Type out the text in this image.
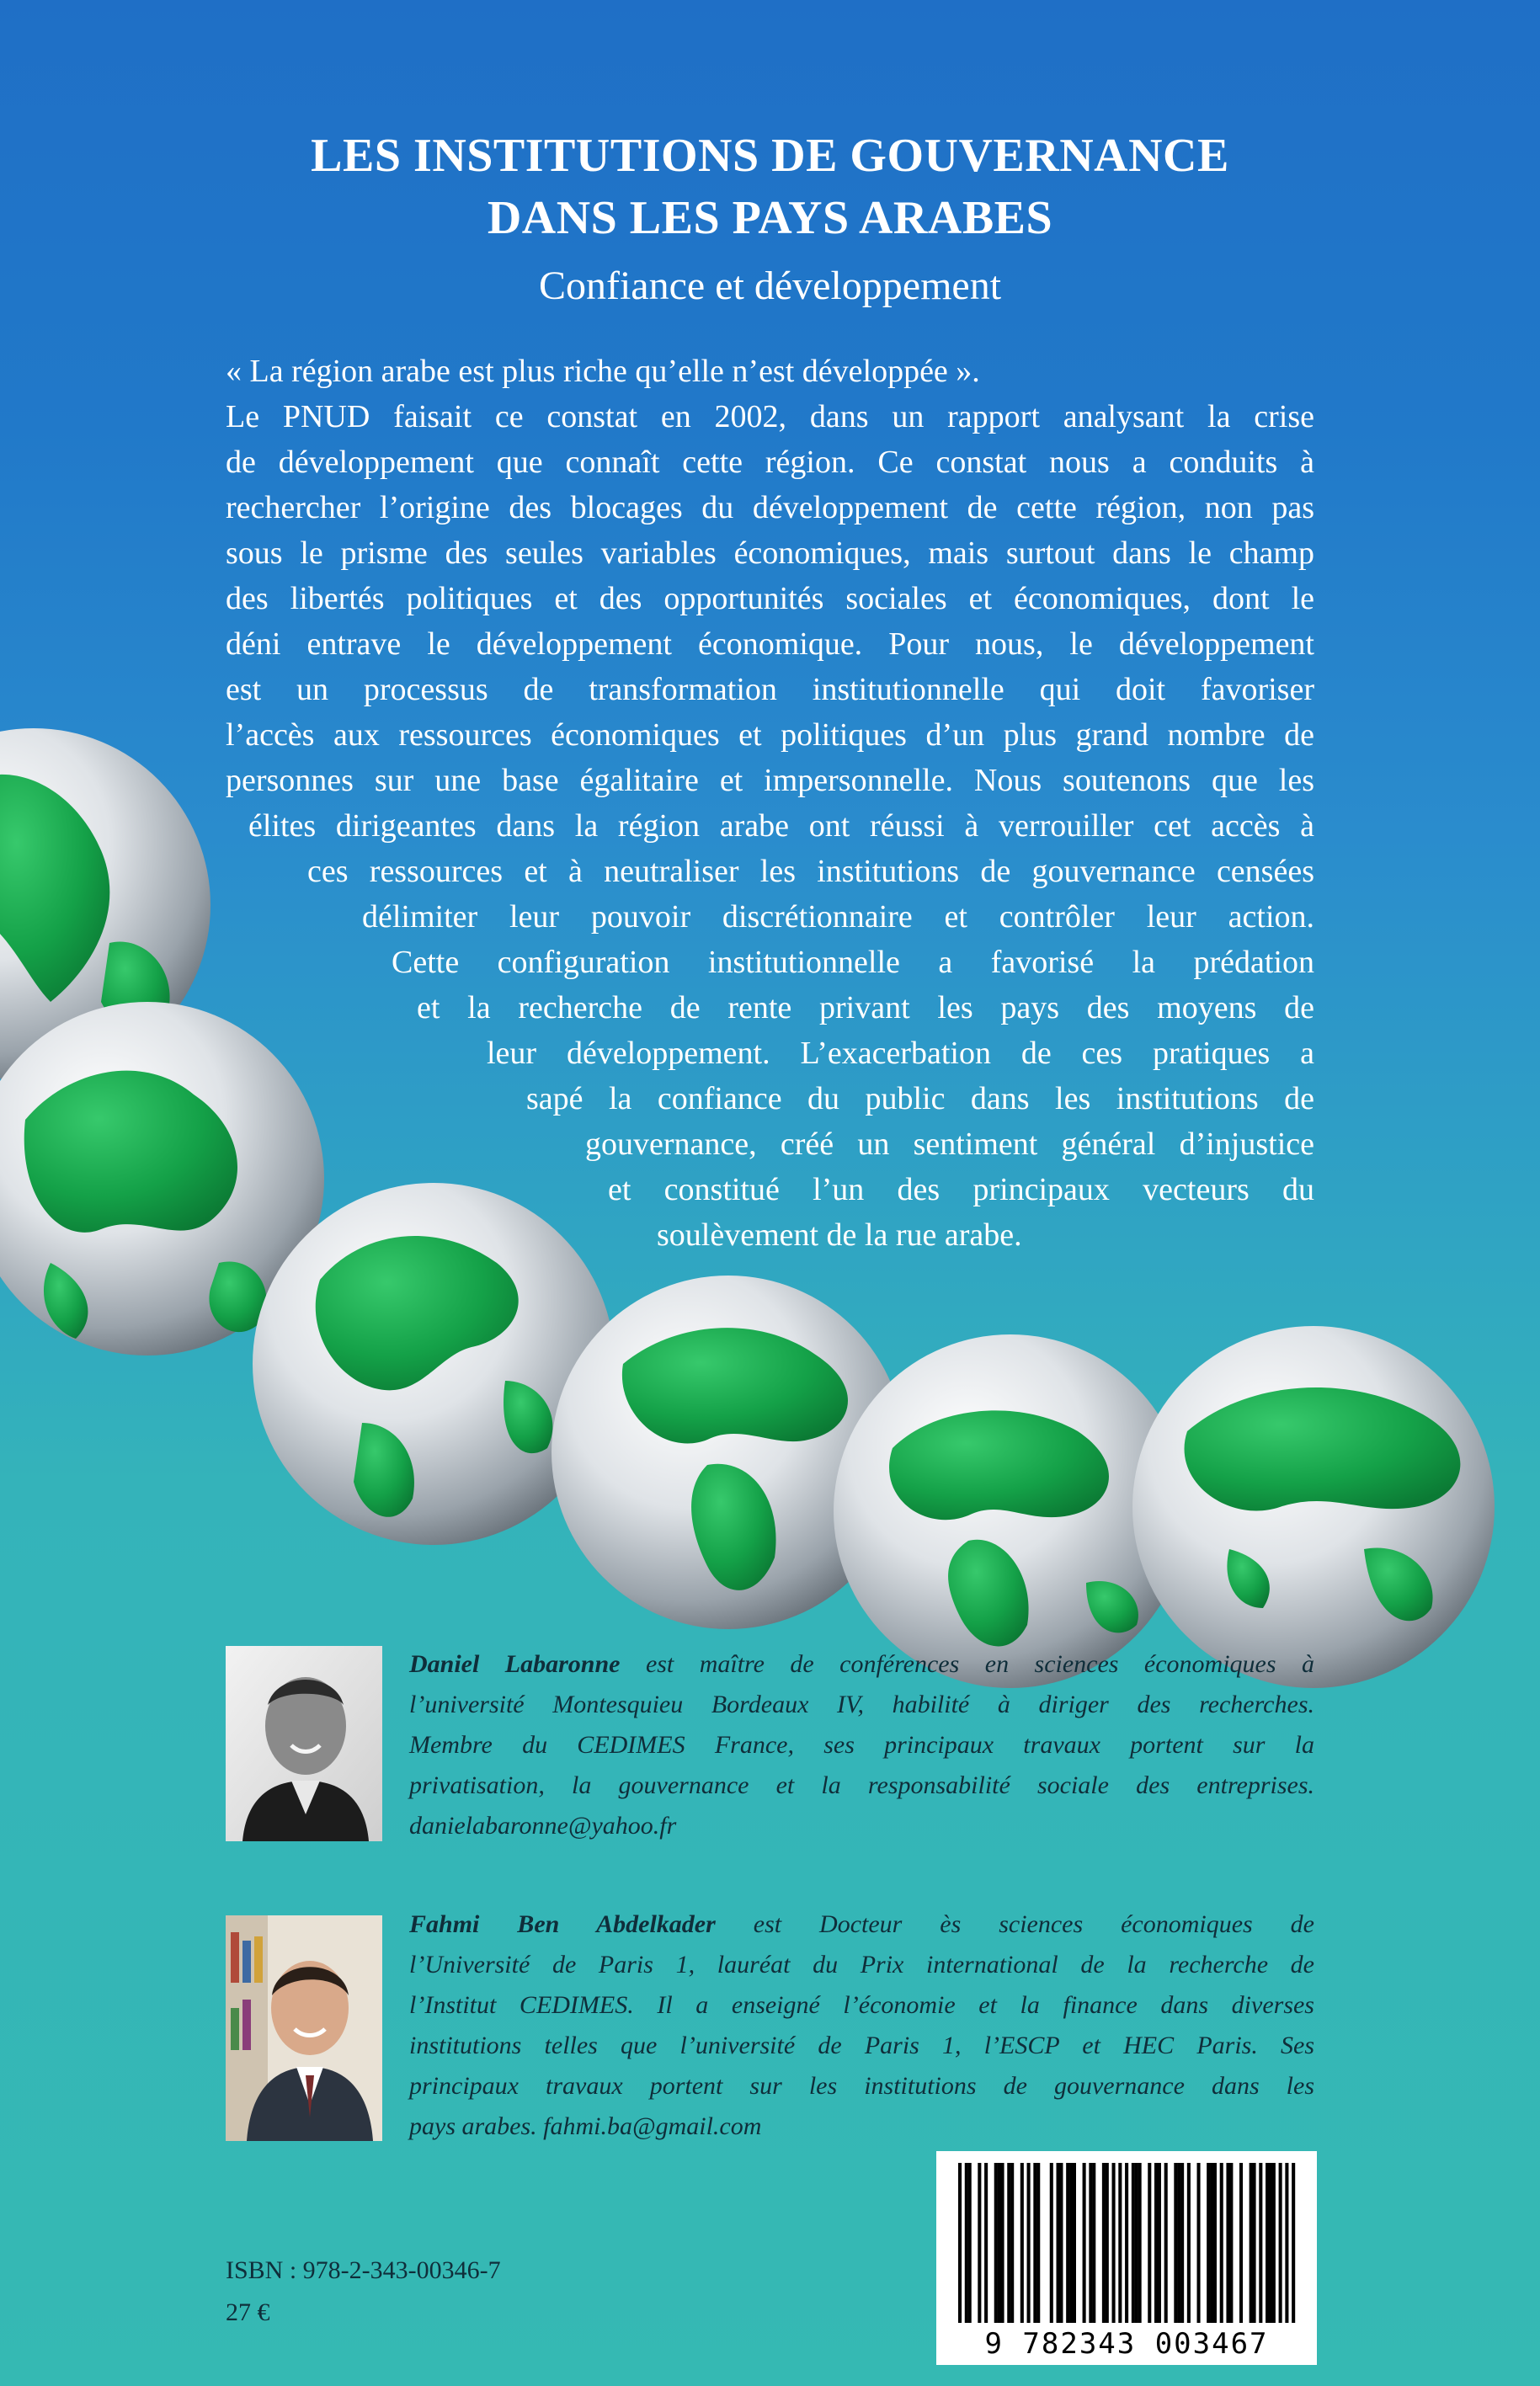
LES INSTITUTIONS DE GOUVERNANCE
DANS LES PAYS ARABES
Confiance et développement
« La région arabe est plus riche qu’elle n’est développée ».
Le PNUD faisait ce constat en 2002, dans un rapport analysant la crise
de développement que connaît cette région. Ce constat nous a conduits à
rechercher l’origine des blocages du développement de cette région, non pas
sous le prisme des seules variables économiques, mais surtout dans le champ
des libertés politiques et des opportunités sociales et économiques, dont le
déni entrave le développement économique. Pour nous, le développement
est un processus de transformation institutionnelle qui doit favoriser
l’accès aux ressources économiques et politiques d’un plus grand nombre de
personnes sur une base égalitaire et impersonnelle. Nous soutenons que les
élites dirigeantes dans la région arabe ont réussi à verrouiller cet accès à
ces ressources et à neutraliser les institutions de gouvernance censées
délimiter leur pouvoir discrétionnaire et contrôler leur action.
Cette configuration institutionnelle a favorisé la prédation
et la recherche de rente privant les pays des moyens de
leur développement. L’exacerbation de ces pratiques a
sapé la confiance du public dans les institutions de
gouvernance, créé un sentiment général d’injustice
et constitué l’un des principaux vecteurs du
soulèvement de la rue arabe.
Daniel Labaronne est maître de conférences en sciences économiques à
l’université Montesquieu Bordeaux IV, habilité à diriger des recherches.
Membre du CEDIMES France, ses principaux travaux portent sur la
privatisation, la gouvernance et la responsabilité sociale des entreprises.
danielabaronne@yahoo.fr
Fahmi Ben Abdelkader est Docteur ès sciences économiques de
l’Université de Paris 1, lauréat du Prix international de la recherche de
l’Institut CEDIMES. Il a enseigné l’économie et la finance dans diverses
institutions telles que l’université de Paris 1, l’ESCP et HEC Paris. Ses
principaux travaux portent sur les institutions de gouvernance dans les
pays arabes. fahmi.ba@gmail.com
9 782343 003467
ISBN : 978-2-343-00346-7
27 €
